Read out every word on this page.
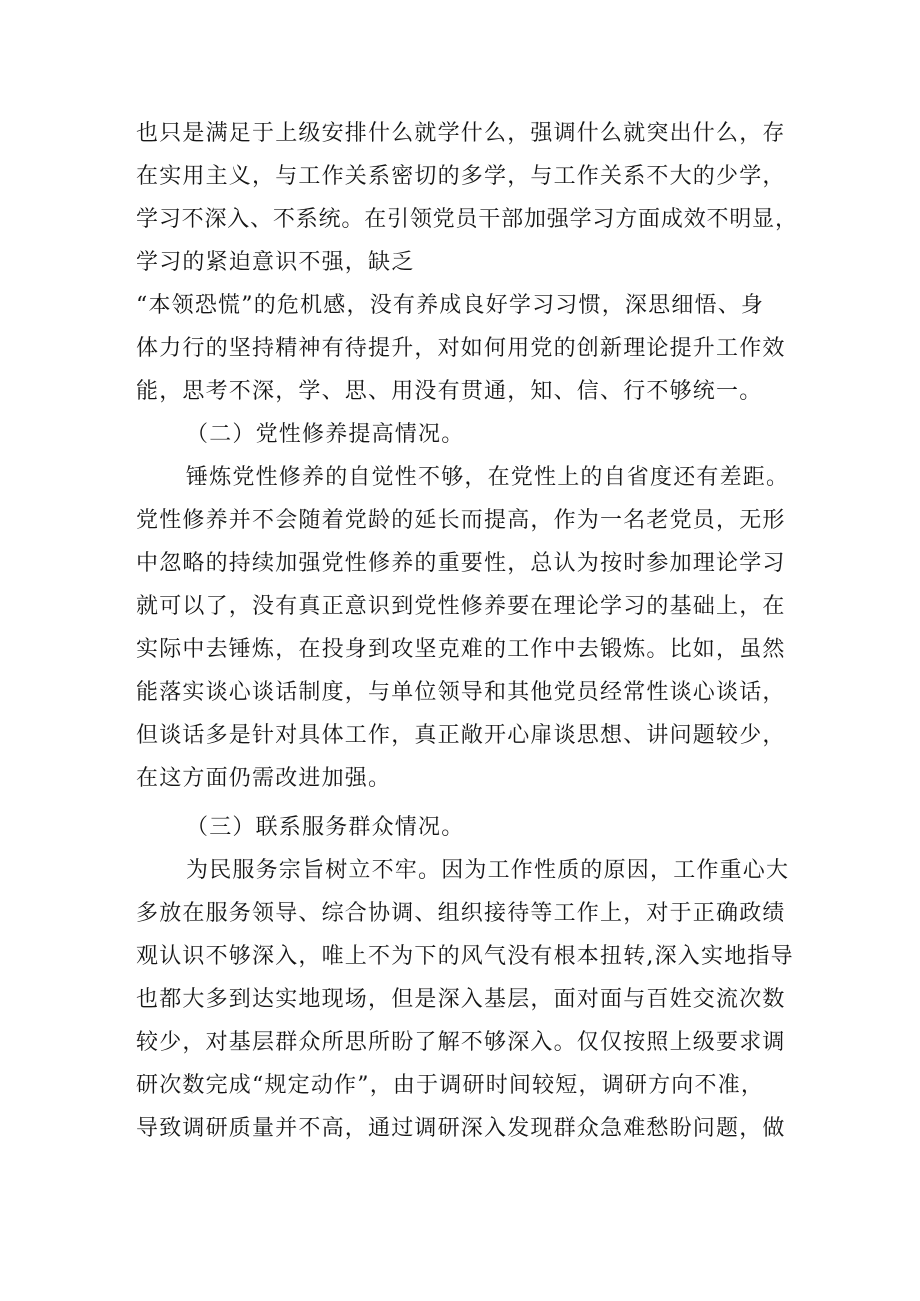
也只是满足于上级安排什么就学什么，强调什么就突出什么，存
在实用主义，与工作关系密切的多学，与工作关系不大的少学，
学习不深入、不系统。在引领党员干部加强学习方面成效不明显，
学习的紧迫意识不强，缺乏
“本领恐慌”的危机感，没有养成良好学习习惯，深思细悟、身
体力行的坚持精神有待提升，对如何用党的创新理论提升工作效
能，思考不深，学、思、用没有贯通，知、信、行不够统一。
（二）党性修养提高情况。
锤炼党性修养的自觉性不够，在党性上的自省度还有差距。
党性修养并不会随着党龄的延长而提高，作为一名老党员，无形
中忽略的持续加强党性修养的重要性，总认为按时参加理论学习
就可以了，没有真正意识到党性修养要在理论学习的基础上，在
实际中去锤炼，在投身到攻坚克难的工作中去锻炼。比如，虽然
能落实谈心谈话制度，与单位领导和其他党员经常性谈心谈话，
但谈话多是针对具体工作，真正敞开心扉谈思想、讲问题较少，
在这方面仍需改进加强。
（三）联系服务群众情况。
为民服务宗旨树立不牢。因为工作性质的原因，工作重心大
多放在服务领导、综合协调、组织接待等工作上，对于正确政绩
观认识不够深入，唯上不为下的风气没有根本扭转,深入实地指导
也都大多到达实地现场，但是深入基层，面对面与百姓交流次数
较少，对基层群众所思所盼了解不够深入。仅仅按照上级要求调
研次数完成“规定动作”，由于调研时间较短，调研方向不准，
导致调研质量并不高，通过调研深入发现群众急难愁盼问题，做
